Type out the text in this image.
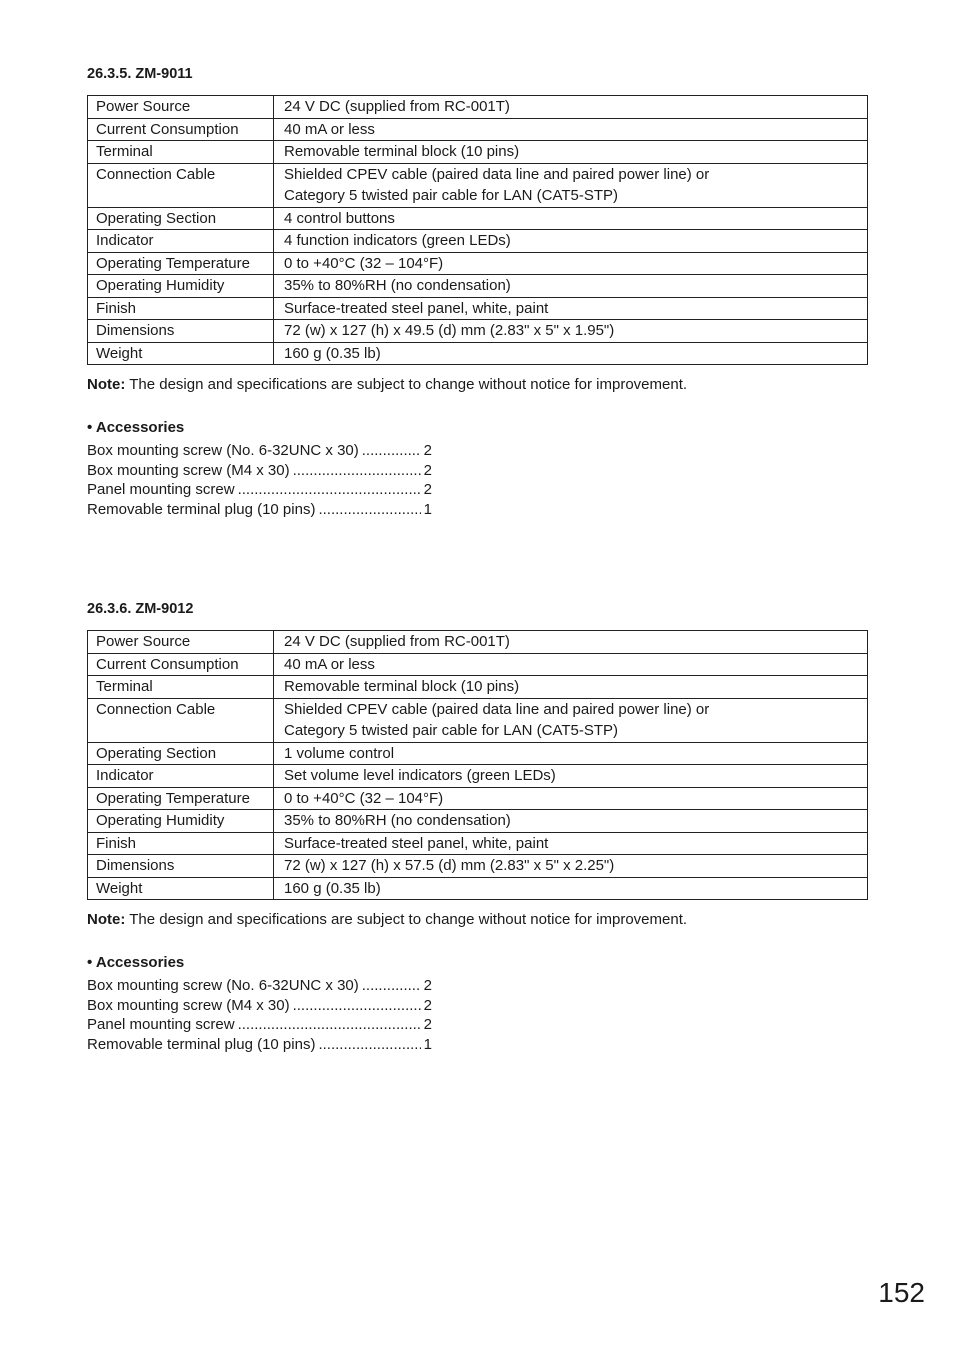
26.3.5. ZM-9011
Power Source	24 V DC (supplied from RC-001T)

Current Consumption	40 mA or less

Terminal	Removable terminal block (10 pins)

Connection Cable	Shielded CPEV cable (paired data line and paired power line) or
Category 5 twisted pair cable for LAN (CAT5-STP)

Operating Section	4 control buttons

Indicator	4 function indicators (green LEDs)

Operating Temperature	0 to +40°C (32 – 104°F)

Operating Humidity	35% to 80%RH (no condensation)

Finish	Surface-treated steel panel, white, paint

Dimensions	72 (w) x 127 (h) x 49.5 (d) mm (2.83" x 5" x 1.95")

Weight	160 g (0.35 lb)
Note: The design and specifications are subject to change without notice for improvement.
• Accessories
Box mounting screw (No. 6-32UNC x 30) .....	2
Box mounting screw (M4 x 30) .....	2
Panel mounting screw .....	2
Removable terminal plug (10 pins) .....	1
26.3.6. ZM-9012
Power Source	24 V DC (supplied from RC-001T)

Current Consumption	40 mA or less

Terminal	Removable terminal block (10 pins)

Connection Cable	Shielded CPEV cable (paired data line and paired power line) or
Category 5 twisted pair cable for LAN (CAT5-STP)

Operating Section	1 volume control

Indicator	Set volume level indicators (green LEDs)

Operating Temperature	0 to +40°C (32 – 104°F)

Operating Humidity	35% to 80%RH (no condensation)

Finish	Surface-treated steel panel, white, paint

Dimensions	72 (w) x 127 (h) x 57.5 (d) mm (2.83" x 5" x 2.25")

Weight	160 g (0.35 lb)
Note: The design and specifications are subject to change without notice for improvement.
• Accessories
Box mounting screw (No. 6-32UNC x 30) .....	2
Box mounting screw (M4 x 30) .....	2
Panel mounting screw .....	2
Removable terminal plug (10 pins) .....	1
152
